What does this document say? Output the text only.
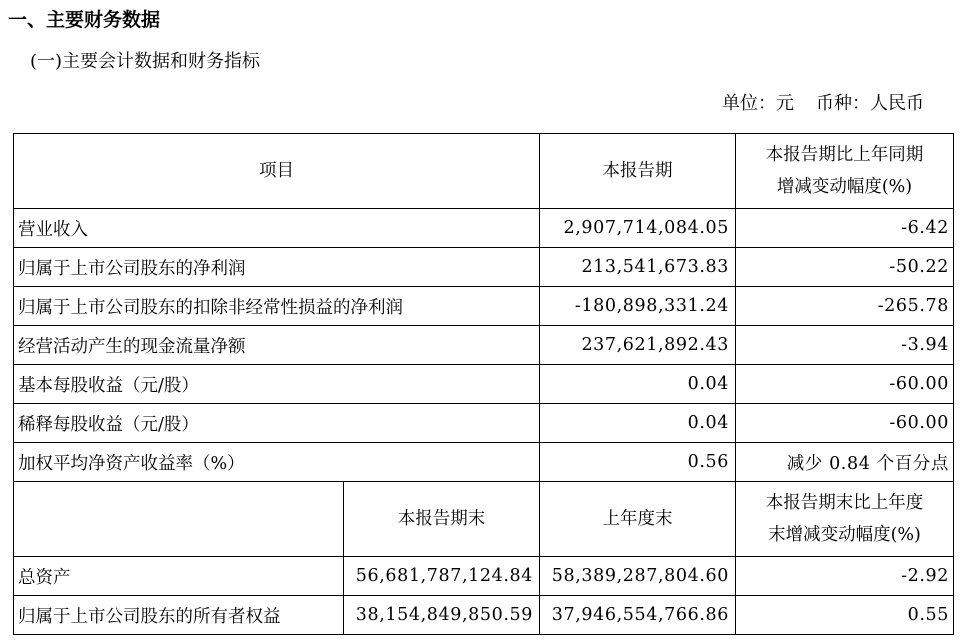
一、主要财务数据
(一)主要会计数据和财务指标
单位：元 币种：人民币
项目		本报告期	本报告期比上年同期
增减变动幅度(%)

营业收入		2,907,714,084.05	-6.42
归属于上市公司股东的净利润		213,541,673.83	-50.22
归属于上市公司股东的扣除非经常性损益的净利润		-180,898,331.24	-265.78
经营活动产生的现金流量净额		237,621,892.43	-3.94
基本每股收益（元/股）		0.04	-60.00
稀释每股收益（元/股）		0.04	-60.00
加权平均净资产收益率（%）		0.56	减少 0.84 个百分点
	本报告期末	上年度末	本报告期末比上年度
末增减变动幅度(%)

总资产	56,681,787,124.84	58,389,287,804.60	-2.92
归属于上市公司股东的所有者权益	38,154,849,850.59	37,946,554,766.86	0.55
